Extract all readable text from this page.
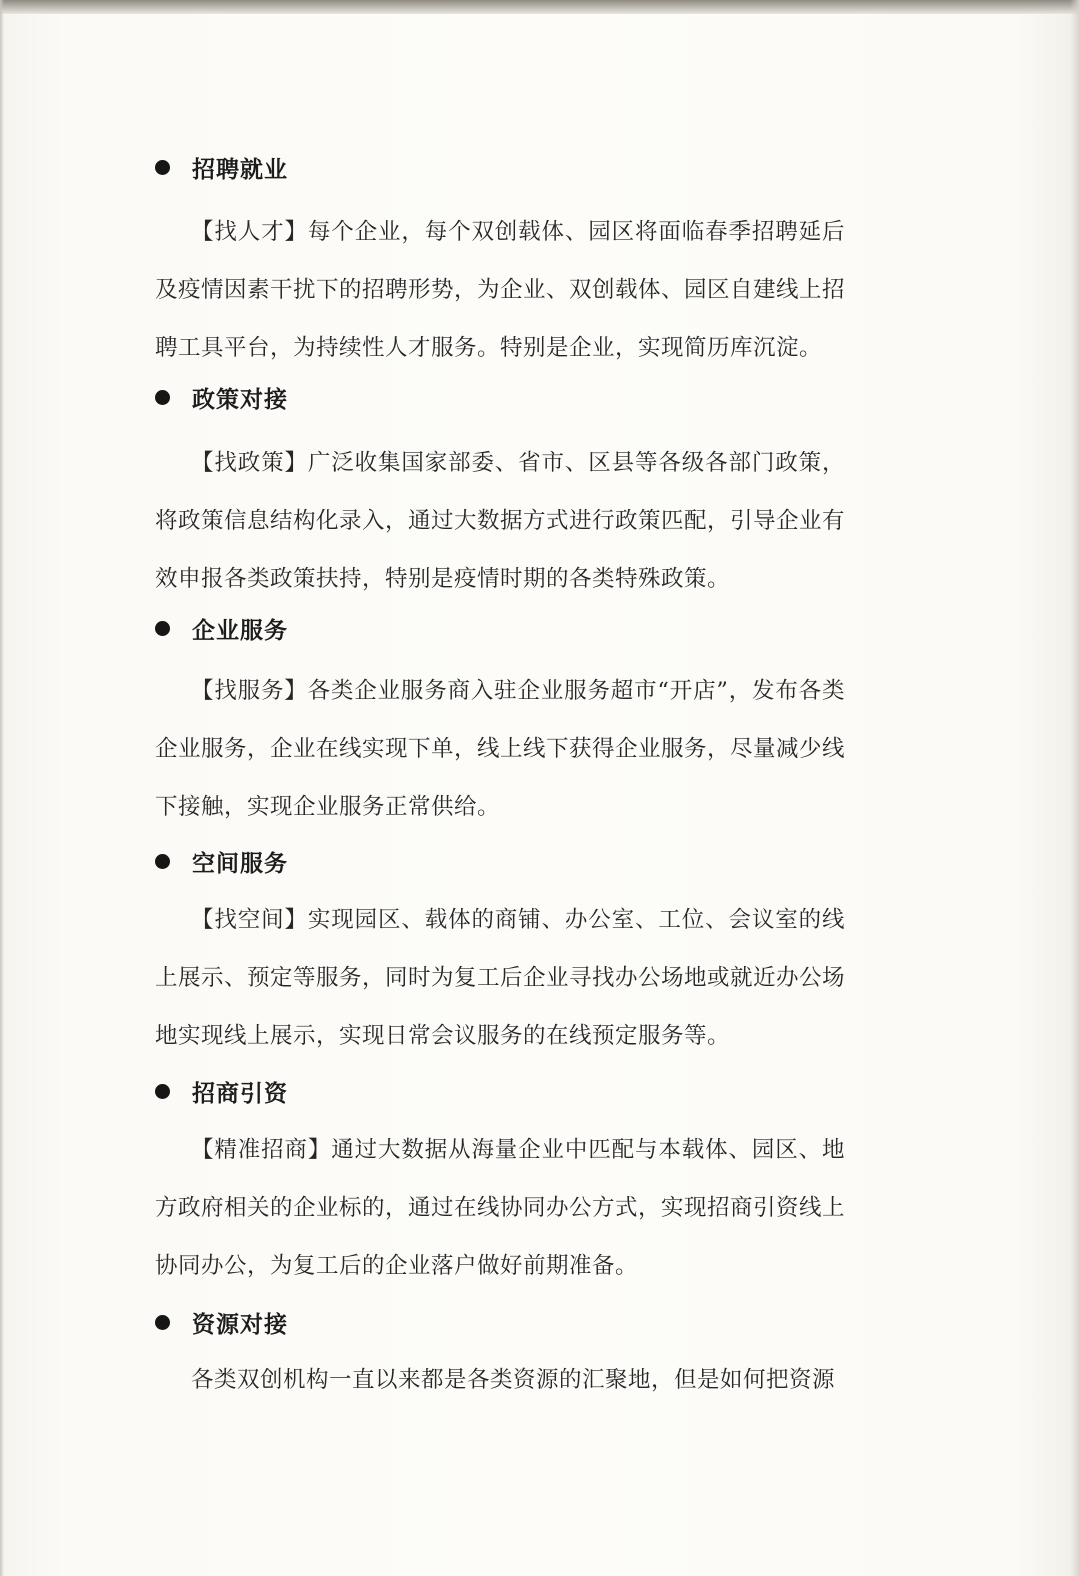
招聘就业

【找人才】每个企业，每个双创载体、园区将面临春季招聘延后及疫情因素干扰下的招聘形势，为企业、双创载体、园区自建线上招聘工具平台，为持续性人才服务。特别是企业，实现简历库沉淀。

政策对接

【找政策】广泛收集国家部委、省市、区县等各级各部门政策，将政策信息结构化录入，通过大数据方式进行政策匹配，引导企业有效申报各类政策扶持，特别是疫情时期的各类特殊政策。

企业服务

【找服务】各类企业服务商入驻企业服务超市“开店”，发布各类企业服务，企业在线实现下单，线上线下获得企业服务，尽量减少线下接触，实现企业服务正常供给。

空间服务

【找空间】实现园区、载体的商铺、办公室、工位、会议室的线上展示、预定等服务，同时为复工后企业寻找办公场地或就近办公场地实现线上展示，实现日常会议服务的在线预定服务等。

招商引资

【精准招商】通过大数据从海量企业中匹配与本载体、园区、地方政府相关的企业标的，通过在线协同办公方式，实现招商引资线上协同办公，为复工后的企业落户做好前期准备。

资源对接

各类双创机构一直以来都是各类资源的汇聚地，但是如何把资源
